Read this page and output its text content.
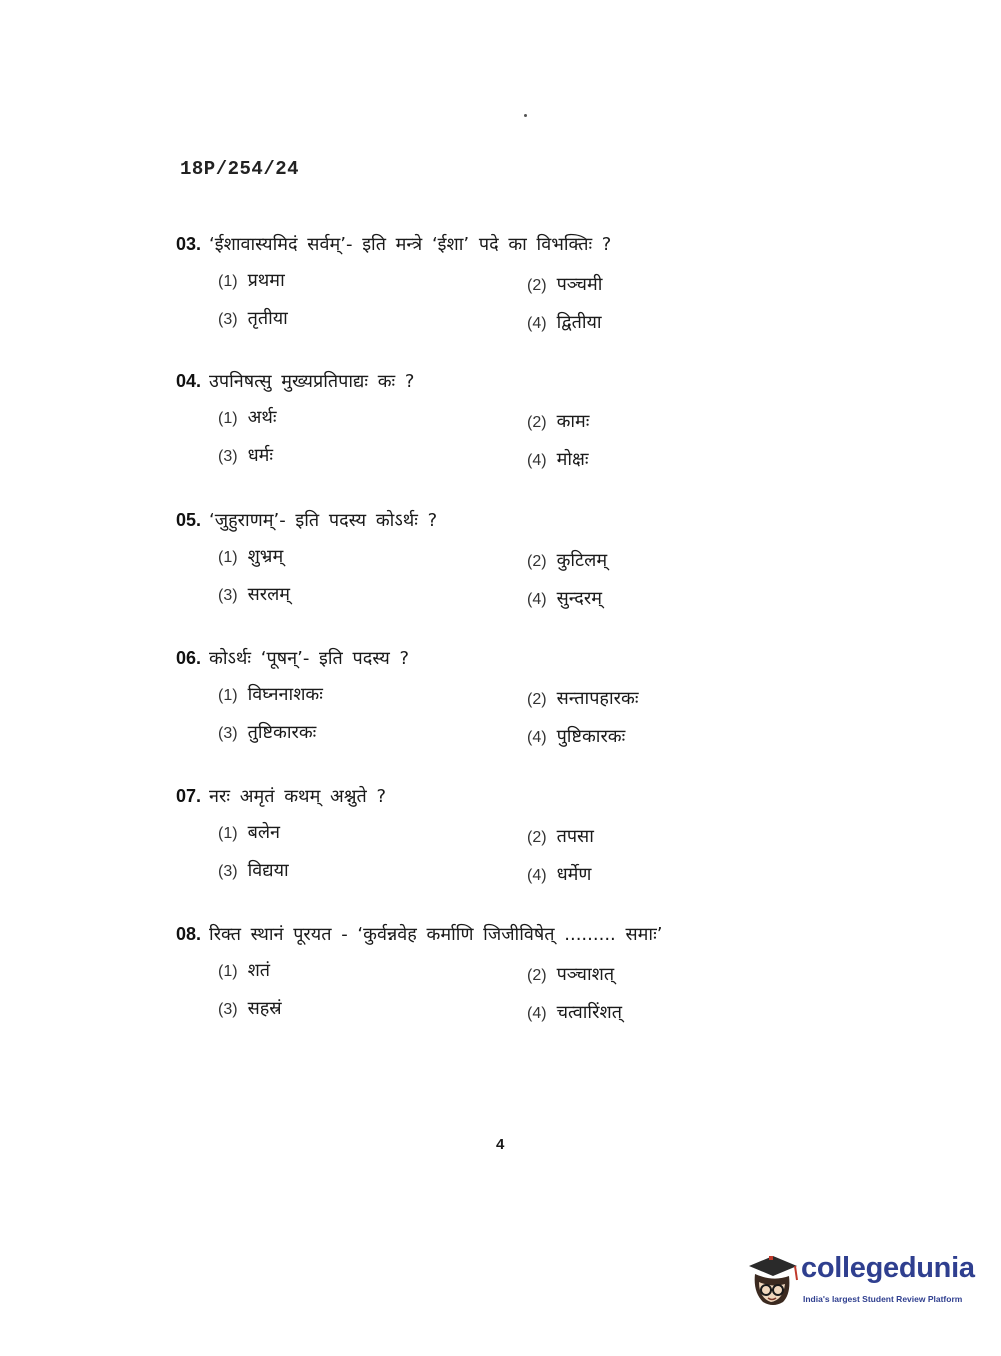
18P/254/24
03. ‘ईशावास्यमिदं सर्वम्’- इति मन्त्रे ‘ईशा’ पदे का विभक्तिः ?
(1) प्रथमा	(2) पञ्चमी
(3) तृतीया	(4) द्वितीया
04. उपनिषत्सु मुख्यप्रतिपाद्यः कः ?
(1) अर्थः	(2) कामः
(3) धर्मः	(4) मोक्षः
05. ‘जुहुराणम्’- इति पदस्य कोऽर्थः ?
(1) शुभ्रम्	(2) कुटिलम्
(3) सरलम्	(4) सुन्दरम्
06. कोऽर्थः ‘पूषन्’- इति पदस्य ?
(1) विघ्ननाशकः	(2) सन्तापहारकः
(3) तुष्टिकारकः	(4) पुष्टिकारकः
07. नरः अमृतं कथम् अश्नुते ?
(1) बलेन	(2) तपसा
(3) विद्यया	(4) धर्मेण
08. रिक्त स्थानं पूरयत - ‘कुर्वन्नवेह कर्माणि जिजीविषेत् ......... समाः’
(1) शतं	(2) पञ्चाशत्
(3) सहस्रं	(4) चत्वारिंशत्
4
collegedunia
India's largest Student Review Platform
